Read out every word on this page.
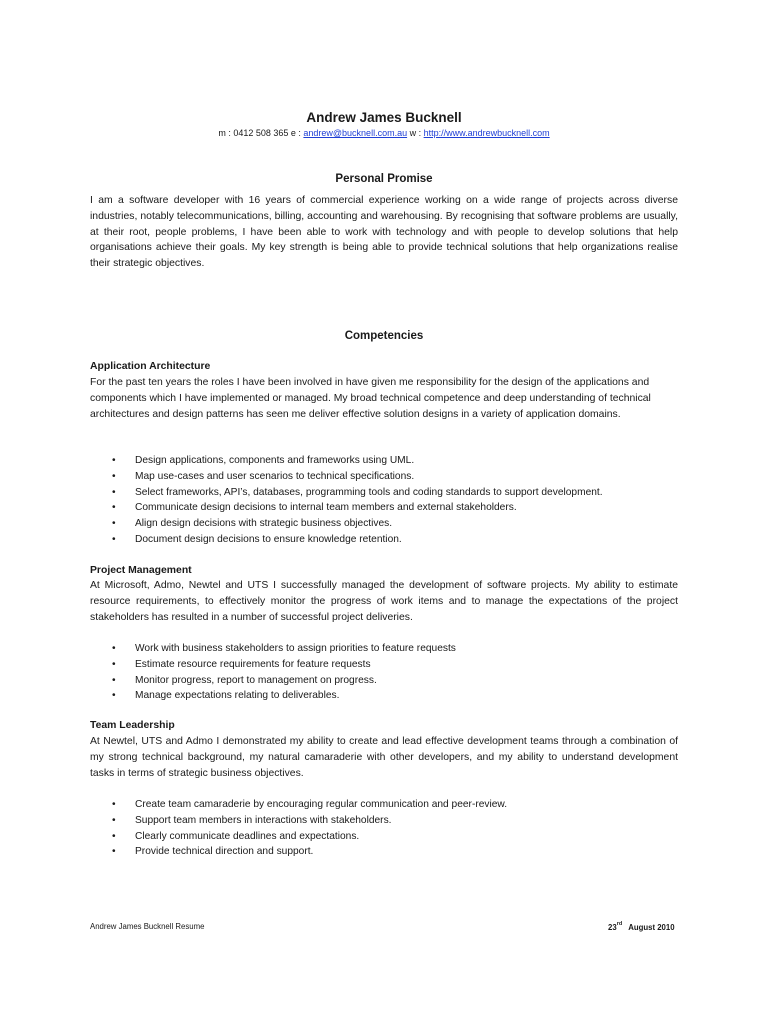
Andrew James Bucknell
m : 0412 508 365 e : andrew@bucknell.com.au w : http://www.andrewbucknell.com
Personal Promise

I am a software developer with 16 years of commercial experience working on a wide range of projects across diverse industries, notably telecommunications, billing, accounting and warehousing. By recognising that software problems are usually, at their root, people problems, I have been able to work with technology and with people to develop solutions that help organisations achieve their goals. My key strength is being able to provide technical solutions that help organizations realise their strategic objectives.

Competencies
Application Architecture

For the past ten years the roles I have been involved in have given me responsibility for the design of the applications and components which I have implemented or managed. My broad technical competence and deep understanding of technical architectures and design patterns has seen me deliver effective solution designs in a variety of application domains.

• Design applications, components and frameworks using UML.
• Map use-cases and user scenarios to technical specifications.
• Select frameworks, API’s, databases, programming tools and coding standards to support development.
• Communicate design decisions to internal team members and external stakeholders.
• Align design decisions with strategic business objectives.
• Document design decisions to ensure knowledge retention.
Project Management

At Microsoft, Admo, Newtel and UTS I successfully managed the development of software projects. My ability to estimate resource requirements, to effectively monitor the progress of work items and to manage the expectations of the project stakeholders has resulted in a number of successful project deliveries.

• Work with business stakeholders to assign priorities to feature requests
• Estimate resource requirements for feature requests
• Monitor progress, report to management on progress.
• Manage expectations relating to deliverables.
Team Leadership

At Newtel, UTS and Admo I demonstrated my ability to create and lead effective development teams through a combination of my strong technical background, my natural camaraderie with other developers, and my ability to understand development tasks in terms of strategic business objectives.

• Create team camaraderie by encouraging regular communication and peer-review.
• Support team members in interactions with stakeholders.
• Clearly communicate deadlines and expectations.
• Provide technical direction and support.
Andrew James Bucknell Resume	23rd August 2010
